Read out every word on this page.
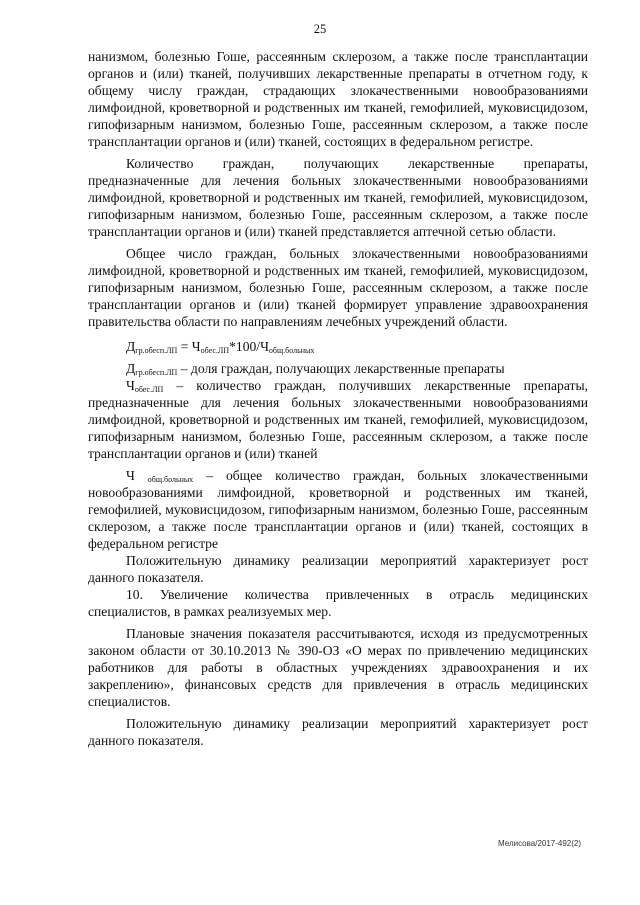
25

нанизмом, болезнью Гоше, рассеянным склерозом, а также после трансплантации органов и (или) тканей, получивших лекарственные препараты в отчетном году, к общему числу граждан, страдающих злокачественными новообразованиями лимфоидной, кроветворной и родственных им тканей, гемофилией, муковисцидозом, гипофизарным нанизмом, болезнью Гоше, рассеянным склерозом, а также после трансплантации органов и (или) тканей, состоящих в федеральном регистре.

Количество граждан, получающих лекарственные препараты, предназначенные для лечения больных злокачественными новообразованиями лимфоидной, кроветворной и родственных им тканей, гемофилией, муковисцидозом, гипофизарным нанизмом, болезнью Гоше, рассеянным склерозом, а также после трансплантации органов и (или) тканей представляется аптечной сетью области.

Общее число граждан, больных злокачественными новообразованиями лимфоидной, кроветворной и родственных им тканей, гемофилией, муковисцидозом, гипофизарным нанизмом, болезнью Гоше, рассеянным склерозом, а также после трансплантации органов и (или) тканей формирует управление здравоохранения правительства области по направлениям лечебных учреждений области.

$Д_{гр.обесп.ЛП} = Ч_{обес.ЛП}*100/Ч_{общ.больных}$

$Д_{гр.обесп.ЛП}$ – доля граждан, получающих лекарственные препараты

$Ч_{обес.ЛП}$ – количество граждан, получивших лекарственные препараты, предназначенные для лечения больных злокачественными новообразованиями лимфоидной, кроветворной и родственных им тканей, гемофилией, муковисцидозом, гипофизарным нанизмом, болезнью Гоше, рассеянным склерозом, а также после трансплантации органов и (или) тканей

Ч $_{общ.больных}$ – общее количество граждан, больных злокачественными новообразованиями лимфоидной, кроветворной и родственных им тканей, гемофилией, муковисцидозом, гипофизарным нанизмом, болезнью Гоше, рассеянным склерозом, а также после трансплантации органов и (или) тканей, состоящих в федеральном регистре

Положительную динамику реализации мероприятий характеризует рост данного показателя.

10. Увеличение количества привлеченных в отрасль медицинских специалистов, в рамках реализуемых мер.

Плановые значения показателя рассчитываются, исходя из предусмотренных законом области от 30.10.2013 № 390-ОЗ «О мерах по привлечению медицинских работников для работы в областных учреждениях здравоохранения и их закреплению», финансовых средств для привлечения в отрасль медицинских специалистов.

Положительную динамику реализации мероприятий характеризует рост данного показателя.

Мелисова/2017-492(2)
